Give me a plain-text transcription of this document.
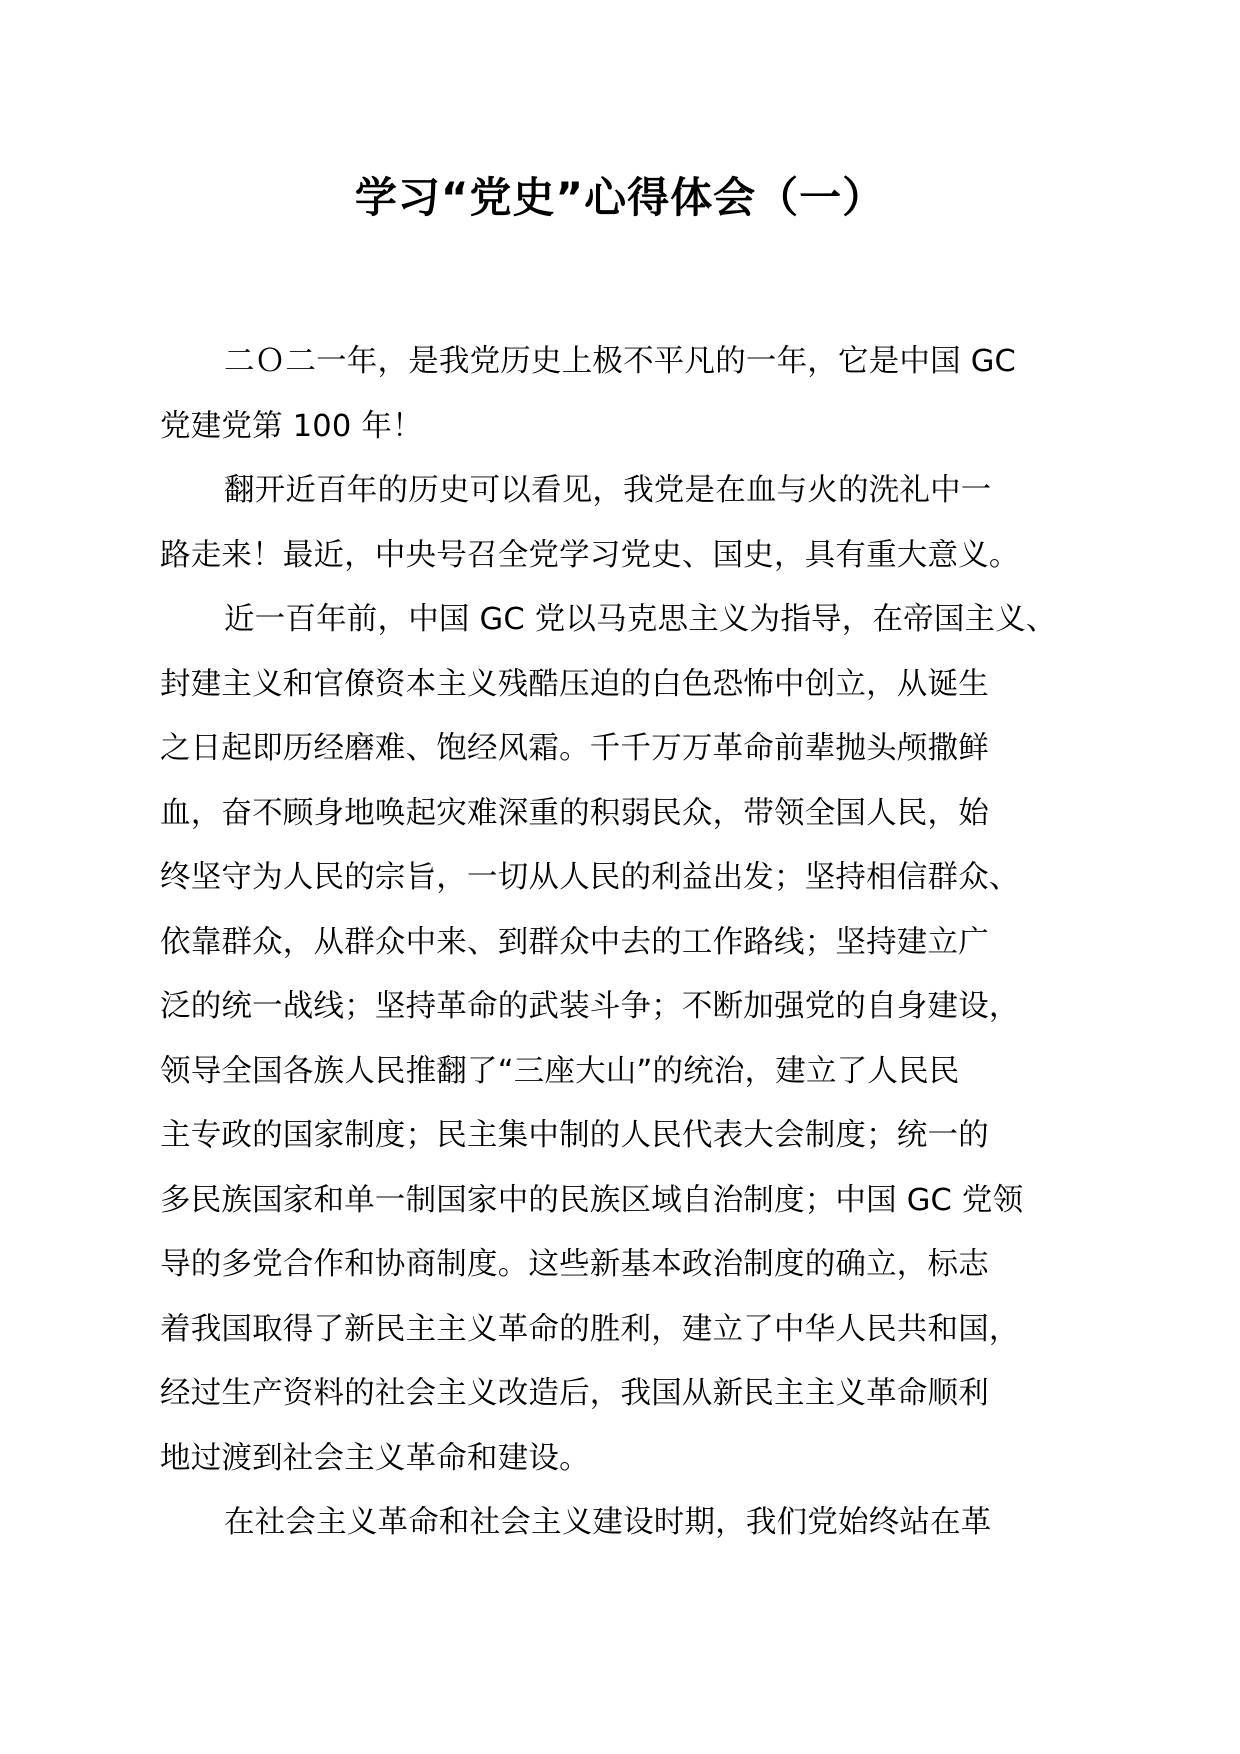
学习“党史”心得体会（一）
二Ｏ二一年，是我党历史上极不平凡的一年，它是中国 GC
党建党第 100 年！
翻开近百年的历史可以看见，我党是在血与火的洗礼中一
路走来！最近，中央号召全党学习党史、国史，具有重大意义。
近一百年前，中国 GC 党以马克思主义为指导，在帝国主义、
封建主义和官僚资本主义残酷压迫的白色恐怖中创立，从诞生
之日起即历经磨难、饱经风霜。千千万万革命前辈抛头颅撒鲜
血，奋不顾身地唤起灾难深重的积弱民众，带领全国人民，始
终坚守为人民的宗旨，一切从人民的利益出发；坚持相信群众、
依靠群众，从群众中来、到群众中去的工作路线；坚持建立广
泛的统一战线；坚持革命的武装斗争；不断加强党的自身建设，
领导全国各族人民推翻了“三座大山”的统治，建立了人民民
主专政的国家制度；民主集中制的人民代表大会制度；统一的
多民族国家和单一制国家中的民族区域自治制度；中国 GC 党领
导的多党合作和协商制度。这些新基本政治制度的确立，标志
着我国取得了新民主主义革命的胜利，建立了中华人民共和国，
经过生产资料的社会主义改造后，我国从新民主主义革命顺利
地过渡到社会主义革命和建设。
在社会主义革命和社会主义建设时期，我们党始终站在革
